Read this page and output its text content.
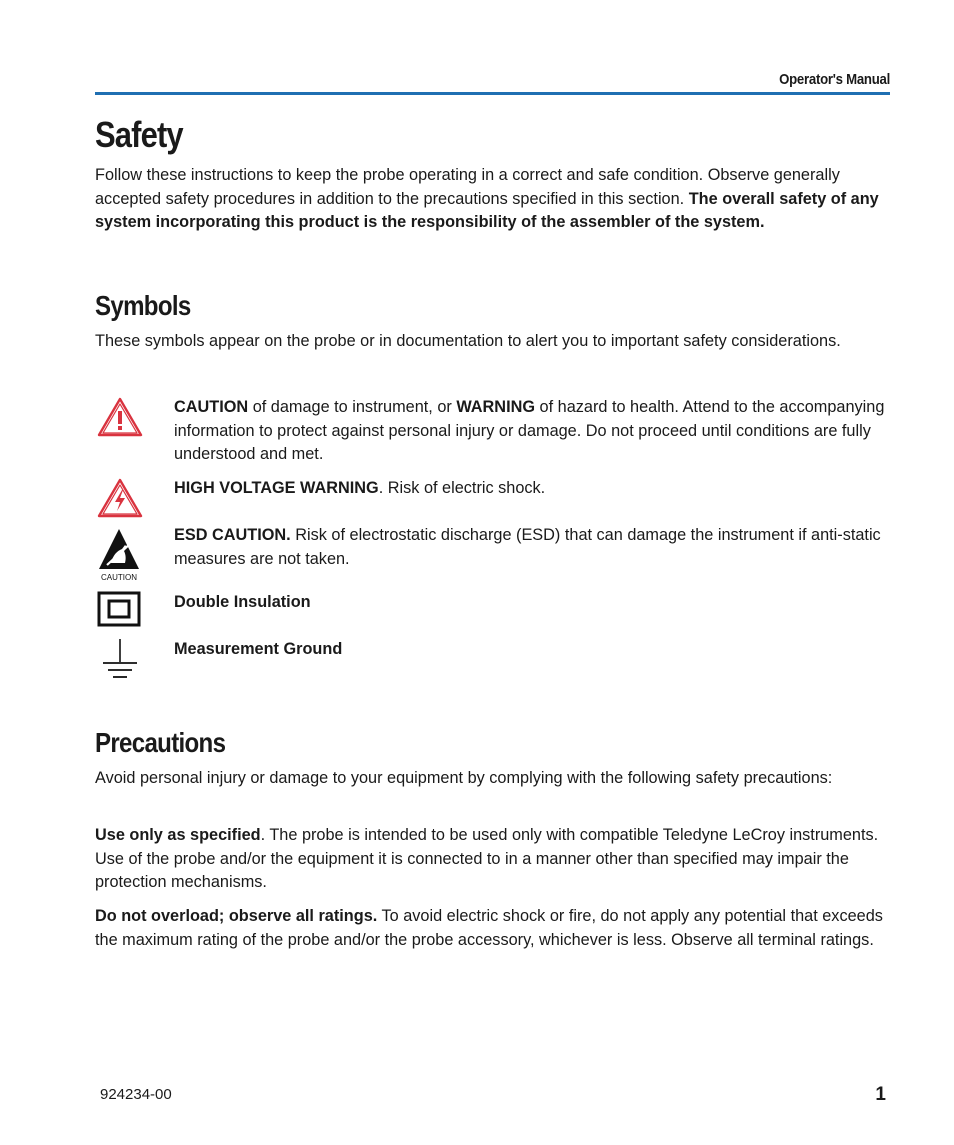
Operator's Manual
Safety

Follow these instructions to keep the probe operating in a correct and safe condition. Observe generally accepted safety procedures in addition to the precautions specified in this section. The overall safety of any system incorporating this product is the responsibility of the assembler of the system.

Symbols

These symbols appear on the probe or in documentation to alert you to important safety considerations.

CAUTION of damage to instrument, or WARNING of hazard to health. Attend to the accompanying information to protect against personal injury or damage. Do not proceed until conditions are fully understood and met.
HIGH VOLTAGE WARNING. Risk of electric shock.
CAUTION
ESD CAUTION. Risk of electrostatic discharge (ESD) that can damage the instrument if anti-static measures are not taken.
Double Insulation
Measurement Ground
Precautions

Avoid personal injury or damage to your equipment by complying with the following safety precautions:

Use only as specified. The probe is intended to be used only with compatible Teledyne LeCroy instruments. Use of the probe and/or the equipment it is connected to in a manner other than specified may impair the protection mechanisms.

Do not overload; observe all ratings. To avoid electric shock or fire, do not apply any potential that exceeds the maximum rating of the probe and/or the probe accessory, whichever is less. Observe all terminal ratings.

924234-00	1
